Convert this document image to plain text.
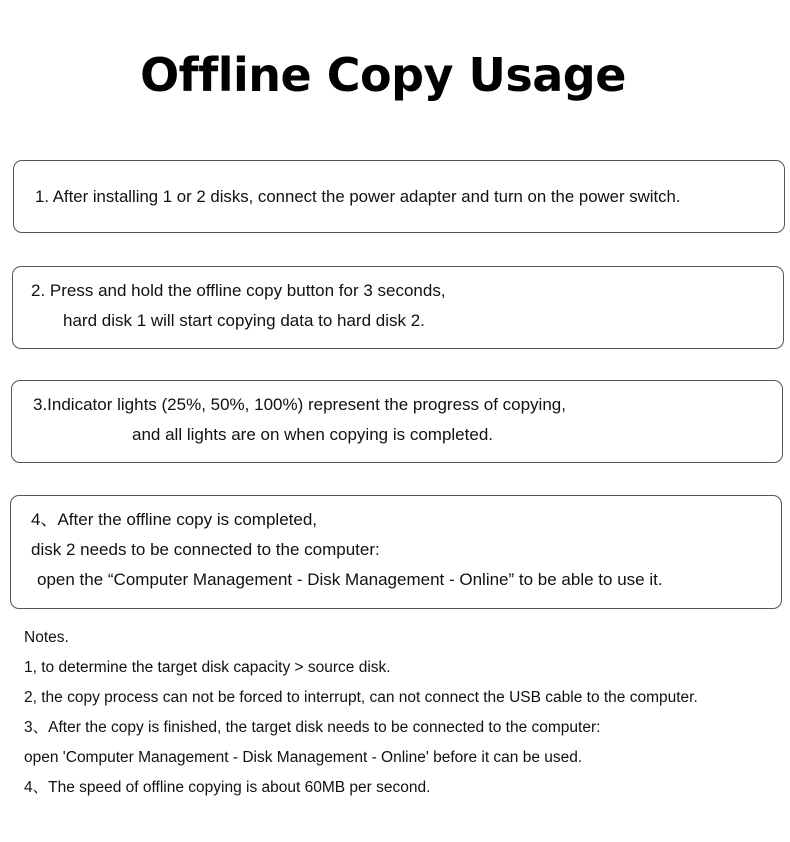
Offline Copy Usage
1. After installing 1 or 2 disks, connect the power adapter and turn on the power switch.
2. Press and hold the offline copy button for 3 seconds,
hard disk 1 will start copying data to hard disk 2.
3.Indicator lights (25%, 50%, 100%) represent the progress of copying,
and all lights are on when copying is completed.
4、After the offline copy is completed,
disk 2 needs to be connected to the computer:
open the “Computer Management - Disk Management - Online” to be able to use it.
Notes.
1, to determine the target disk capacity > source disk.
2, the copy process can not be forced to interrupt, can not connect the USB cable to the computer.
3、After the copy is finished, the target disk needs to be connected to the computer:
open 'Computer Management - Disk Management - Online' before it can be used.
4、The speed of offline copying is about 60MB per second.
